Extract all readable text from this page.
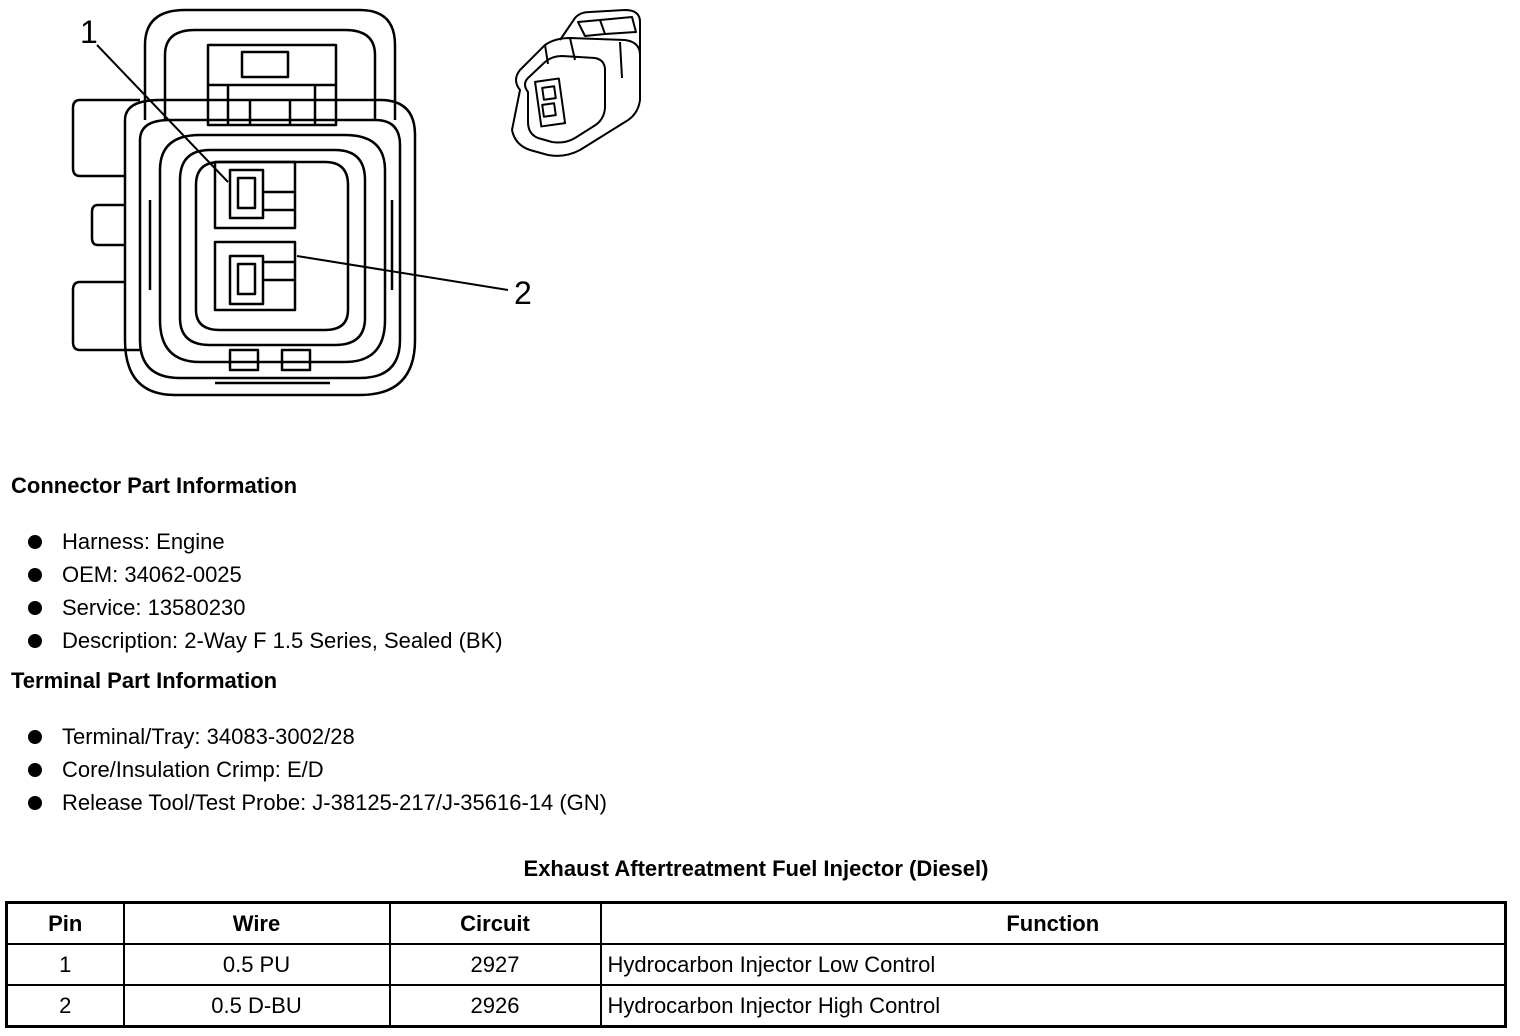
1
2
Connector Part Information
Harness: Engine
OEM: 34062-0025
Service: 13580230
Description: 2-Way F 1.5 Series, Sealed (BK)
Terminal Part Information
Terminal/Tray: 34083-3002/28
Core/Insulation Crimp: E/D
Release Tool/Test Probe: J-38125-217/J-35616-14 (GN)
Exhaust Aftertreatment Fuel Injector (Diesel)
Pin	Wire	Circuit	Function
1	0.5 PU	2927	Hydrocarbon Injector Low Control
2	0.5 D-BU	2926	Hydrocarbon Injector High Control
